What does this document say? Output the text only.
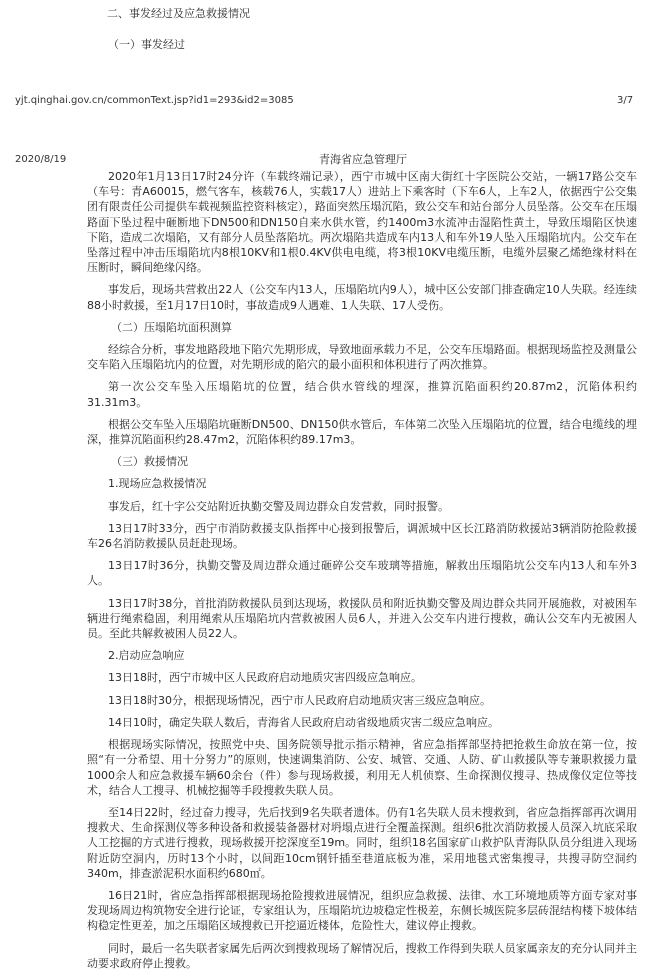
二、事发经过及应急救援情况
（一）事发经过
yjt.qinghai.gov.cn/commonText.jsp?id1=293&id2=3085	3/7
2020/8/19	青海省应急管理厅

2020年1月13日17时24分许（车载终端记录），西宁市城中区南大街红十字医院公交站，一辆17路公交车（车号：青A60015，燃气客车，核载76人，实载17人）进站上下乘客时（下车6人，上车2人，依据西宁公交集团有限责任公司提供车载视频监控资料核定），路面突然压塌沉陷，致公交车和站台部分人员坠落。公交车在压塌路面下坠过程中砸断地下DN500和DN150自来水供水管，约1400m3水流冲击湿陷性黄土，导致压塌陷区快速下陷，造成二次塌陷，又有部分人员坠落陷坑。两次塌陷共造成车内13人和车外19人坠入压塌陷坑内。公交车在坠落过程中冲击压塌陷坑内8根10KV和1根0.4KV供电电缆，将3根10KV电缆压断，电缆外层聚乙烯绝缘材料在压断时，瞬间绝缘闪络。

事发后，现场共营救出22人（公交车内13人，压塌陷坑内9人），城中区公安部门排查确定10人失联。经连续88小时救援，至1月17日10时，事故造成9人遇难、1人失联、17人受伤。

（二）压塌陷坑面积测算

经综合分析，事发地路段地下陷穴先期形成，导致地面承载力不足，公交车压塌路面。根据现场监控及测量公交车陷入压塌陷坑内的位置，对先期形成的陷穴的最小面积和体积进行了两次推算。

第一次公交车坠入压塌陷坑的位置，结合供水管线的埋深，推算沉陷面积约20.87m2，沉陷体积约31.31m3。

根据公交车坠入压塌陷坑砸断DN500、DN150供水管后，车体第二次坠入压塌陷坑的位置，结合电缆线的埋深，推算沉陷面积约28.47m2，沉陷体积约89.17m3。

（三）救援情况

1.现场应急救援情况

事发后，红十字公交站附近执勤交警及周边群众自发营救，同时报警。

13日17时33分，西宁市消防救援支队指挥中心接到报警后，调派城中区长江路消防救援站3辆消防抢险救援车26名消防救援队员赶赴现场。

13日17时36分，执勤交警及周边群众通过砸碎公交车玻璃等措施，解救出压塌陷坑公交车内13人和车外3人。

13日17时38分，首批消防救援队员到达现场，救援队员和附近执勤交警及周边群众共同开展施救，对被困车辆进行绳索稳固，利用绳索从压塌陷坑内营救被困人员6人，并进入公交车内进行搜救，确认公交车内无被困人员。至此共解救被困人员22人。

2.启动应急响应

13日18时，西宁市城中区人民政府启动地质灾害四级应急响应。

13日18时30分，根据现场情况，西宁市人民政府启动地质灾害三级应急响应。

14日10时，确定失联人数后，青海省人民政府启动省级地质灾害二级应急响应。

根据现场实际情况，按照党中央、国务院领导批示指示精神，省应急指挥部坚持把抢救生命放在第一位，按照“有一分希望、用十分努力”的原则，快速调集消防、公安、城管、交通、人防、矿山救援队等专兼职救援力量1000余人和应急救援车辆60余台（件）参与现场救援，利用无人机侦察、生命探测仪搜寻、热成像仪定位等技术，结合人工搜寻、机械挖掘等手段搜救失联人员。

至14日22时，经过奋力搜寻，先后找到9名失联者遗体。仍有1名失联人员未搜救到，省应急指挥部再次调用搜救犬、生命探测仪等多种设备和救援装备器材对坍塌点进行全覆盖探测。组织6批次消防救援人员深入坑底采取人工挖掘的方式进行搜救，现场救援开挖深度至19m。同时，组织18名国家矿山救护队青海队队员分组进入现场附近防空洞内，历时13个小时，以间距10cm钢钎插至巷道底板为准，采用地毯式密集搜寻，共搜寻防空洞约340m，排查淤泥积水面积约680㎡。

16日21时，省应急指挥部根据现场抢险搜救进展情况，组织应急救援、法律、水工环境地质等方面专家对事发现场周边构筑物安全进行论证，专家组认为，压塌陷坑边坡稳定性极差，东侧长城医院多层砖混结构楼下坡体结构稳定性更差，加之压塌陷区域搜救已开挖逼近楼体，危险性大，建议停止搜救。

同时，最后一名失联者家属先后两次到搜救现场了解情况后，搜救工作得到失联人员家属亲友的充分认同并主动要求政府停止搜救。
